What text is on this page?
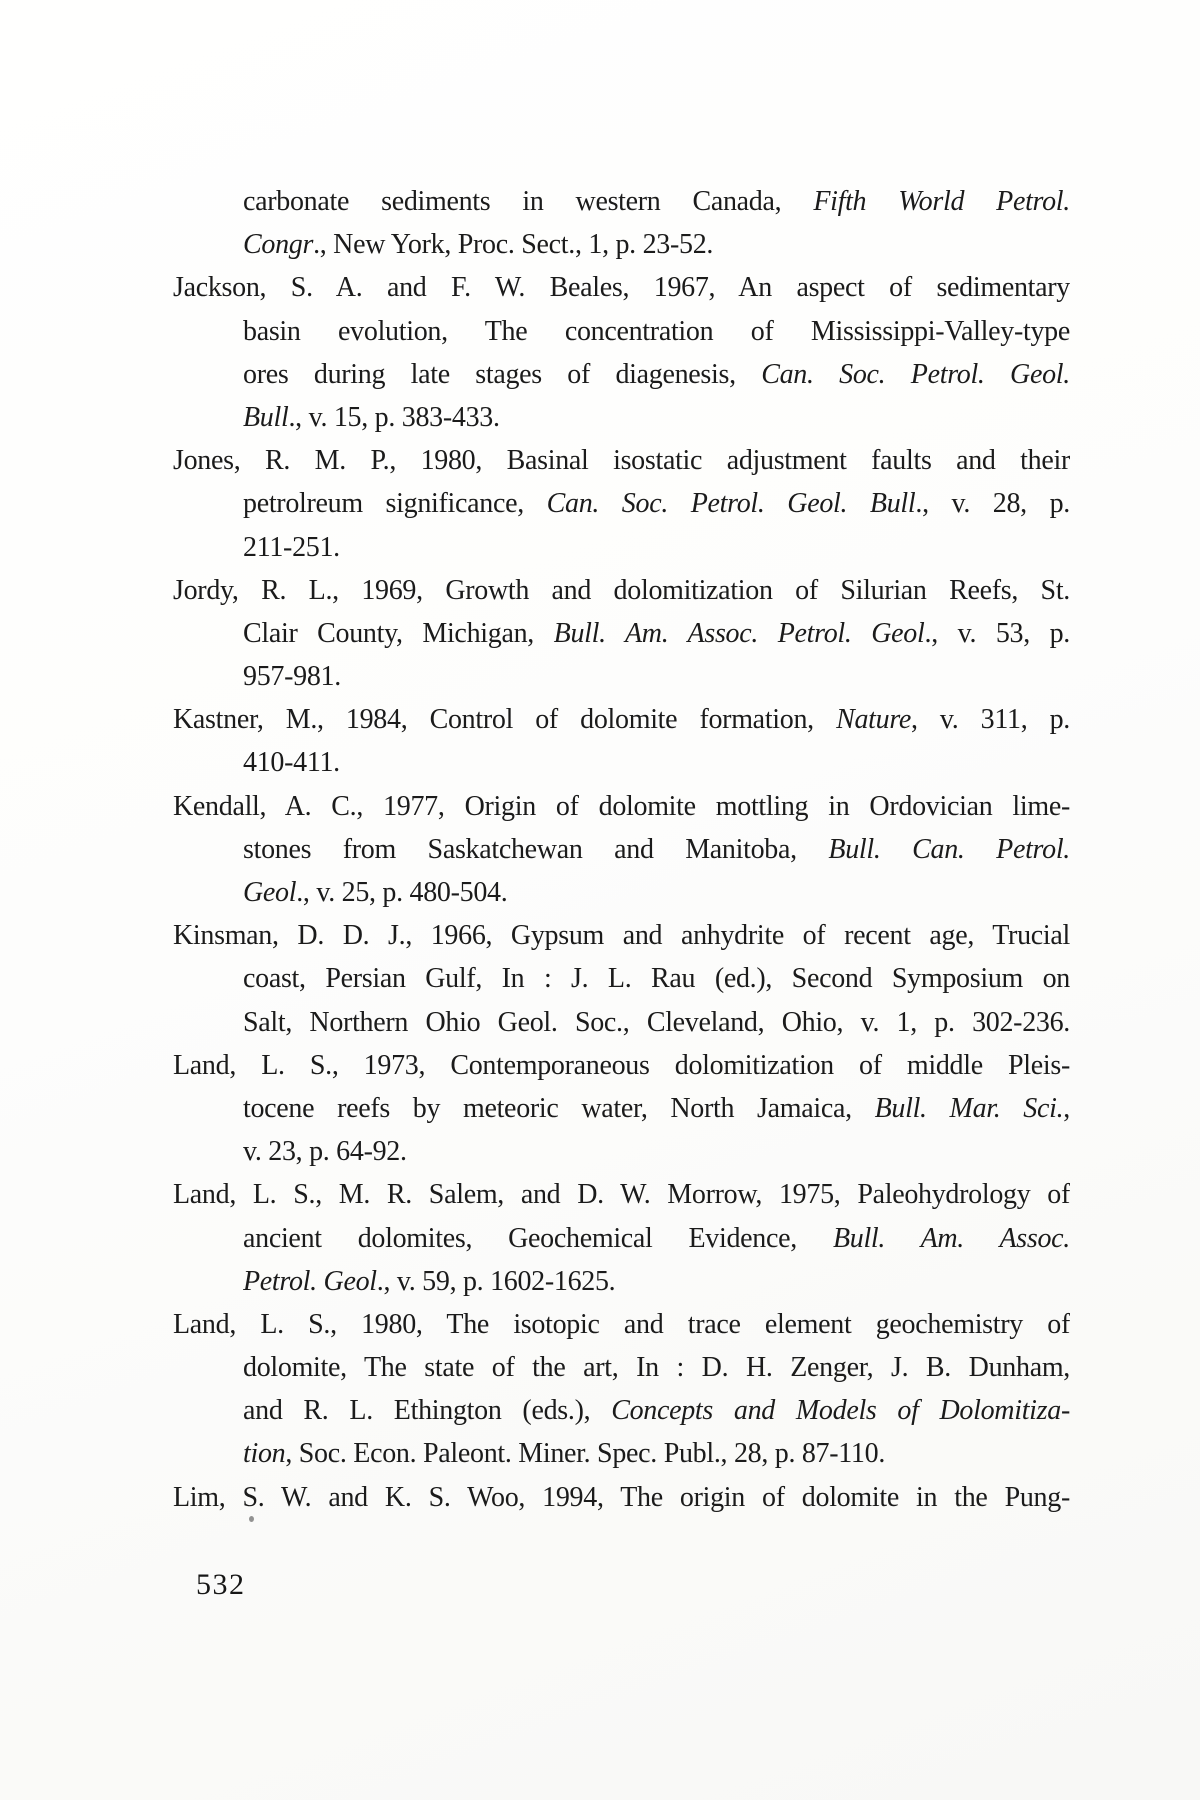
carbonate sediments in western Canada, Fifth World Petrol.
Congr., New York, Proc. Sect., 1, p. 23-52.
Jackson, S. A. and F. W. Beales, 1967, An aspect of sedimentary
basin evolution, The concentration of Mississippi-Valley-type
ores during late stages of diagenesis, Can. Soc. Petrol. Geol.
Bull., v. 15, p. 383-433.
Jones, R. M. P., 1980, Basinal isostatic adjustment faults and their
petrolreum significance, Can. Soc. Petrol. Geol. Bull., v. 28, p.
211-251.
Jordy, R. L., 1969, Growth and dolomitization of Silurian Reefs, St.
Clair County, Michigan, Bull. Am. Assoc. Petrol. Geol., v. 53, p.
957-981.
Kastner, M., 1984, Control of dolomite formation, Nature, v. 311, p.
410-411.
Kendall, A. C., 1977, Origin of dolomite mottling in Ordovician lime-
stones from Saskatchewan and Manitoba, Bull. Can. Petrol.
Geol., v. 25, p. 480-504.
Kinsman, D. D. J., 1966, Gypsum and anhydrite of recent age, Trucial
coast, Persian Gulf, In : J. L. Rau (ed.), Second Symposium on
Salt, Northern Ohio Geol. Soc., Cleveland, Ohio, v. 1, p. 302-236.
Land, L. S., 1973, Contemporaneous dolomitization of middle Pleis-
tocene reefs by meteoric water, North Jamaica, Bull. Mar. Sci.,
v. 23, p. 64-92.
Land, L. S., M. R. Salem, and D. W. Morrow, 1975, Paleohydrology of
ancient dolomites, Geochemical Evidence, Bull. Am. Assoc.
Petrol. Geol., v. 59, p. 1602-1625.
Land, L. S., 1980, The isotopic and trace element geochemistry of
dolomite, The state of the art, In : D. H. Zenger, J. B. Dunham,
and R. L. Ethington (eds.), Concepts and Models of Dolomitiza-
tion, Soc. Econ. Paleont. Miner. Spec. Publ., 28, p. 87-110.
Lim, S. W. and K. S. Woo, 1994, The origin of dolomite in the Pung-
532
